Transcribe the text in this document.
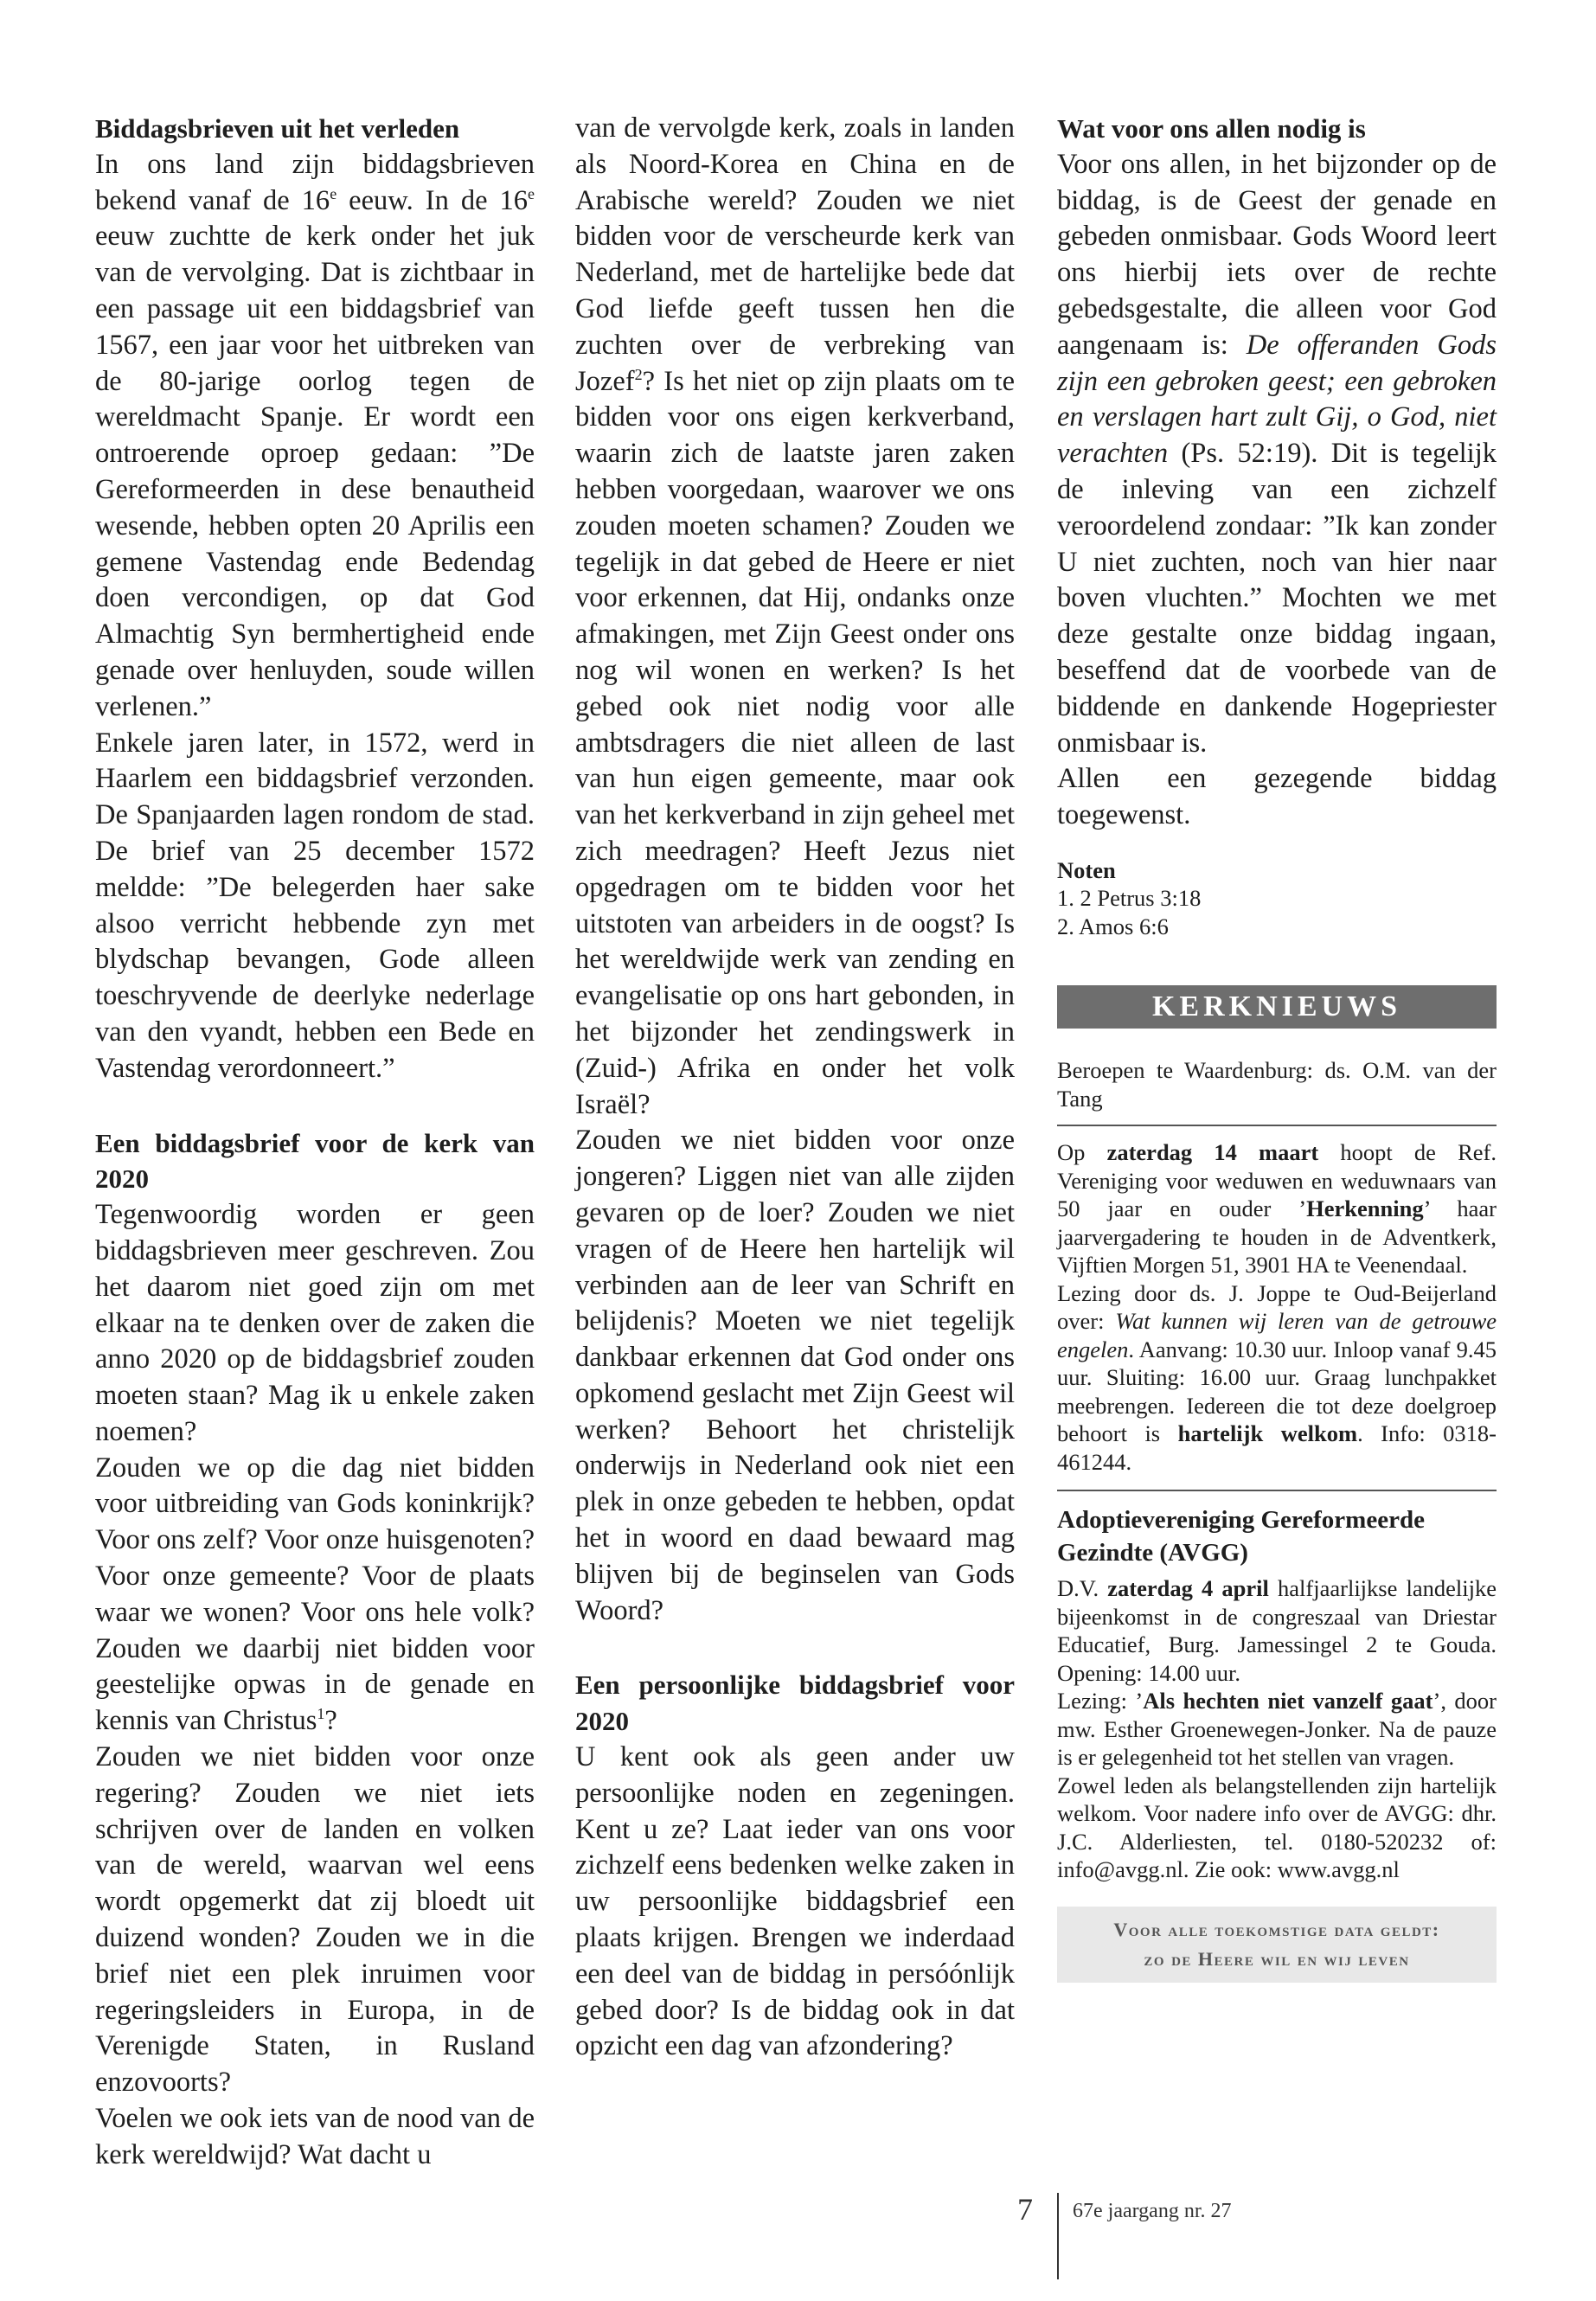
Biddagsbrieven uit het verleden

In ons land zijn biddagsbrieven bekend vanaf de 16e eeuw. In de 16e eeuw zuchtte de kerk onder het juk van de vervolging. Dat is zichtbaar in een passage uit een biddagsbrief van 1567, een jaar voor het uitbreken van de 80-jarige oorlog tegen de wereldmacht Spanje. Er wordt een ontroerende oproep gedaan: ”De Gereformeerden in dese benautheid wesende, hebben opten 20 Aprilis een gemene Vastendag ende Bedendag doen vercondigen, op dat God Almachtig Syn bermhertigheid ende genade over henluyden, soude willen verlenen.”

Enkele jaren later, in 1572, werd in Haarlem een biddagsbrief verzonden. De Spanjaarden lagen rondom de stad. De brief van 25 december 1572 meldde: ”De belegerden haer sake alsoo verricht hebbende zyn met blydschap bevangen, Gode alleen toeschryvende de deerlyke nederlage van den vyandt, hebben een Bede en Vastendag verordonneert.”

Een biddagsbrief voor de kerk van 2020

Tegenwoordig worden er geen biddagsbrieven meer geschreven. Zou het daarom niet goed zijn om met elkaar na te denken over de zaken die anno 2020 op de biddagsbrief zouden moeten staan? Mag ik u enkele zaken noemen?

Zouden we op die dag niet bidden voor uitbreiding van Gods koninkrijk? Voor ons zelf? Voor onze huisgenoten? Voor onze gemeente? Voor de plaats waar we wonen? Voor ons hele volk? Zouden we daarbij niet bidden voor geestelijke opwas in de genade en kennis van Christus$^1$?

Zouden we niet bidden voor onze regering? Zouden we niet iets schrijven over de landen en volken van de wereld, waarvan wel eens wordt opgemerkt dat zij bloedt uit duizend wonden? Zouden we in die brief niet een plek inruimen voor regeringsleiders in Europa, in de Verenigde Staten, in Rusland enzovoorts?

Voelen we ook iets van de nood van de kerk wereldwijd? Wat dacht u

van de vervolgde kerk, zoals in landen als Noord-Korea en China en de Arabische wereld? Zouden we niet bidden voor de verscheurde kerk van Nederland, met de hartelijke bede dat God liefde geeft tussen hen die zuchten over de verbreking van Jozef$^2$? Is het niet op zijn plaats om te bidden voor ons eigen kerkverband, waarin zich de laatste jaren zaken hebben voorgedaan, waarover we ons zouden moeten schamen? Zouden we tegelijk in dat gebed de Heere er niet voor erkennen, dat Hij, ondanks onze afmakingen, met Zijn Geest onder ons nog wil wonen en werken? Is het gebed ook niet nodig voor alle ambtsdragers die niet alleen de last van hun eigen gemeente, maar ook van het kerkverband in zijn geheel met zich meedragen? Heeft Jezus niet opgedragen om te bidden voor het uitstoten van arbeiders in de oogst? Is het wereldwijde werk van zending en evangelisatie op ons hart gebonden, in het bijzonder het zendingswerk in (Zuid-) Afrika en onder het volk Israël?

Zouden we niet bidden voor onze jongeren? Liggen niet van alle zijden gevaren op de loer? Zouden we niet vragen of de Heere hen hartelijk wil verbinden aan de leer van Schrift en belijdenis? Moeten we niet tegelijk dankbaar erkennen dat God onder ons opkomend geslacht met Zijn Geest wil werken? Behoort het christelijk onderwijs in Nederland ook niet een plek in onze gebeden te hebben, opdat het in woord en daad bewaard mag blijven bij de beginselen van Gods Woord?

Een persoonlijke biddagsbrief voor 2020

U kent ook als geen ander uw persoonlijke noden en zegeningen. Kent u ze? Laat ieder van ons voor zichzelf eens bedenken welke zaken in uw persoonlijke biddagsbrief een plaats krijgen. Brengen we inderdaad een deel van de biddag in persóónlijk gebed door? Is de biddag ook in dat opzicht een dag van afzondering?

Wat voor ons allen nodig is

Voor ons allen, in het bijzonder op de biddag, is de Geest der genade en gebeden onmisbaar. Gods Woord leert ons hierbij iets over de rechte gebedsgestalte, die alleen voor God aangenaam is: De offeranden Gods zijn een gebroken geest; een gebroken en verslagen hart zult Gij, o God, niet verachten (Ps. 52:19). Dit is tegelijk de inleving van een zichzelf veroordelend zondaar: ”Ik kan zonder U niet zuchten, noch van hier naar boven vluchten.” Mochten we met deze gestalte onze biddag ingaan, beseffend dat de voorbede van de biddende en dankende Hogepriester onmisbaar is.

Allen een gezegende biddag toegewenst.

Noten

1. 2 Petrus 3:18

2. Amos 6:6

KERKNIEUWS

Beroepen te Waardenburg: ds. O.M. van der Tang

Op zaterdag 14 maart hoopt de Ref. Vereniging voor weduwen en weduwnaars van 50 jaar en ouder ’Herkenning’ haar jaarvergadering te houden in de Adventkerk, Vijftien Morgen 51, 3901 HA te Veenendaal.

Lezing door ds. J. Joppe te Oud-Beijerland over: Wat kunnen wij leren van de getrouwe engelen. Aanvang: 10.30 uur. Inloop vanaf 9.45 uur. Sluiting: 16.00 uur. Graag lunchpakket meebrengen. Iedereen die tot deze doelgroep behoort is hartelijk welkom. Info: 0318-461244.

Adoptievereniging Gereformeerde Gezindte (AVGG)

D.V. zaterdag 4 april halfjaarlijkse landelijke bijeenkomst in de congreszaal van Driestar Educatief, Burg. Jamessingel 2 te Gouda. Opening: 14.00 uur.

Lezing: ’Als hechten niet vanzelf gaat’, door mw. Esther Groenewegen-Jonker. Na de pauze is er gelegenheid tot het stellen van vragen.

Zowel leden als belangstellenden zijn hartelijk welkom. Voor nadere info over de AVGG: dhr. J.C. Alderliesten, tel. 0180-520232 of: info@avgg.nl. Zie ook: www.avgg.nl

Voor alle toekomstige data geldt:
zo de Heere wil en wij leven
7 67e jaargang nr. 27
